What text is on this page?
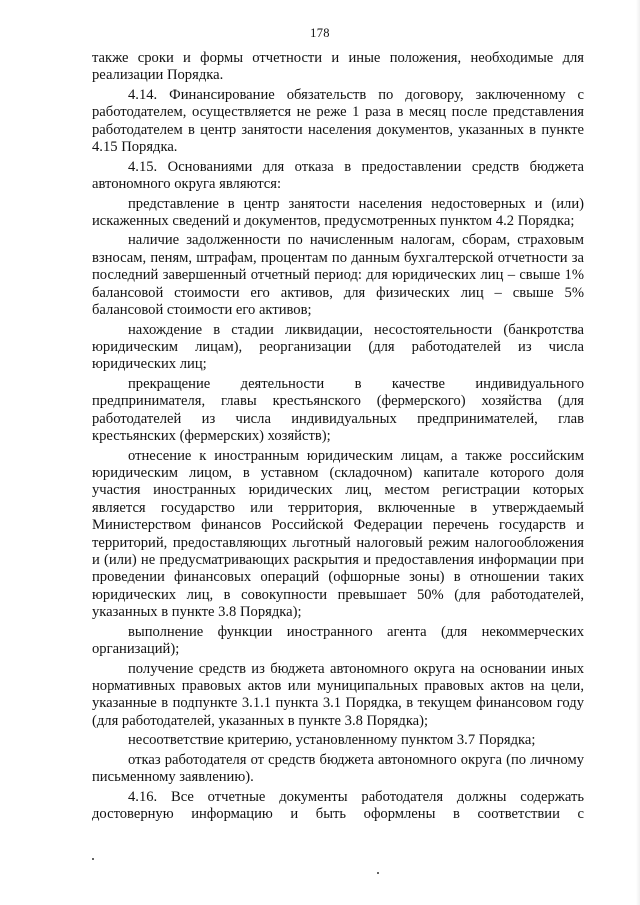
178

также сроки и формы отчетности и иные положения, необходимые для реализации Порядка.

4.14. Финансирование обязательств по договору, заключенному с работодателем, осуществляется не реже 1 раза в месяц после представления работодателем в центр занятости населения документов, указанных в пункте 4.15 Порядка.

4.15. Основаниями для отказа в предоставлении средств бюджета автономного округа являются:

представление в центр занятости населения недостоверных и (или) искаженных сведений и документов, предусмотренных пунктом 4.2 Порядка;

наличие задолженности по начисленным налогам, сборам, страховым взносам, пеням, штрафам, процентам по данным бухгалтерской отчетности за последний завершенный отчетный период: для юридических лиц – свыше 1% балансовой стоимости его активов, для физических лиц – свыше 5% балансовой стоимости его активов;

нахождение в стадии ликвидации, несостоятельности (банкротства юридическим лицам), реорганизации (для работодателей из числа юридических лиц;

прекращение деятельности в качестве индивидуального предпринимателя, главы крестьянского (фермерского) хозяйства (для работодателей из числа индивидуальных предпринимателей, глав крестьянских (фермерских) хозяйств);

отнесение к иностранным юридическим лицам, а также российским юридическим лицом, в уставном (складочном) капитале которого доля участия иностранных юридических лиц, местом регистрации которых является государство или территория, включенные в утверждаемый Министерством финансов Российской Федерации перечень государств и территорий, предоставляющих льготный налоговый режим налогообложения и (или) не предусматривающих раскрытия и предоставления информации при проведении финансовых операций (офшорные зоны) в отношении таких юридических лиц, в совокупности превышает 50% (для работодателей, указанных в пункте 3.8 Порядка);

выполнение функции иностранного агента (для некоммерческих организаций);

получение средств из бюджета автономного округа на основании иных нормативных правовых актов или муниципальных правовых актов на цели, указанные в подпункте 3.1.1 пункта 3.1 Порядка, в текущем финансовом году (для работодателей, указанных в пункте 3.8 Порядка);

несоответствие критерию, установленному пунктом 3.7 Порядка;

отказ работодателя от средств бюджета автономного округа (по личному письменному заявлению).

4.16. Все отчетные документы работодателя должны содержать достоверную информацию и быть оформлены в соответствии с
